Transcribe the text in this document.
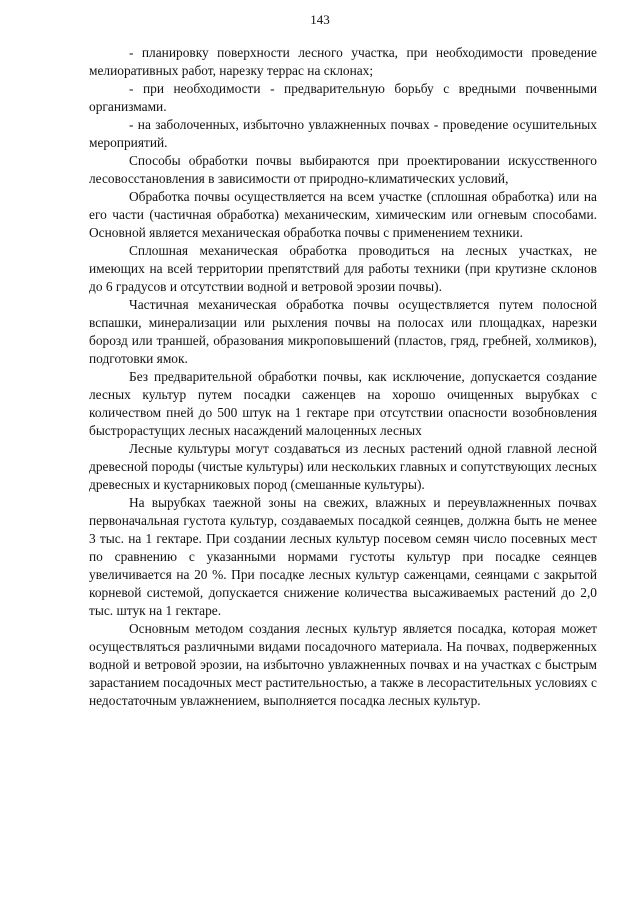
143

- планировку поверхности лесного участка, при необходимости проведение мелиоративных работ, нарезку террас на склонах;

- при необходимости - предварительную борьбу с вредными почвенными организмами.

- на заболоченных, избыточно увлажненных почвах - проведение осушительных мероприятий.

Способы обработки почвы выбираются при проектировании искусственного лесовосстановления в зависимости от природно-климатических условий,

Обработка почвы осуществляется на всем участке (сплошная обработка) или на его части (частичная обработка) механическим, химическим или огневым способами. Основной является механическая обработка почвы с применением техники.

Сплошная механическая обработка проводиться на лесных участках, не имеющих на всей территории препятствий для работы техники (при крутизне склонов до 6 градусов и отсутствии водной и ветровой эрозии почвы).

Частичная механическая обработка почвы осуществляется путем полосной вспашки, минерализации или рыхления почвы на полосах или площадках, нарезки борозд или траншей, образования микроповышений (пластов, гряд, гребней, холмиков), подготовки ямок.

Без предварительной обработки почвы, как исключение, допускается создание лесных культур путем посадки саженцев на хорошо очищенных вырубках с количеством пней до 500 штук на 1 гектаре при отсутствии опасности возобновления быстрорастущих лесных насаждений малоценных лесных

Лесные культуры могут создаваться из лесных растений одной главной лесной древесной породы (чистые культуры) или нескольких главных и сопутствующих лесных древесных и кустарниковых пород (смешанные культуры).

На вырубках таежной зоны на свежих, влажных и переувлажненных почвах первоначальная густота культур, создаваемых посадкой сеянцев, должна быть не менее 3 тыс. на 1 гектаре. При создании лесных культур посевом семян число посевных мест по сравнению с указанными нормами густоты культур при посадке сеянцев увеличивается на 20 %. При посадке лесных культур саженцами, сеянцами с закрытой корневой системой, допускается снижение количества высаживаемых растений до 2,0 тыс. штук на 1 гектаре.

Основным методом создания лесных культур является посадка, которая может осуществляться различными видами посадочного материала. На почвах, подверженных водной и ветровой эрозии, на избыточно увлажненных почвах и на участках с быстрым зарастанием посадочных мест растительностью, а также в лесорастительных условиях с недостаточным увлажнением, выполняется посадка лесных культур.
